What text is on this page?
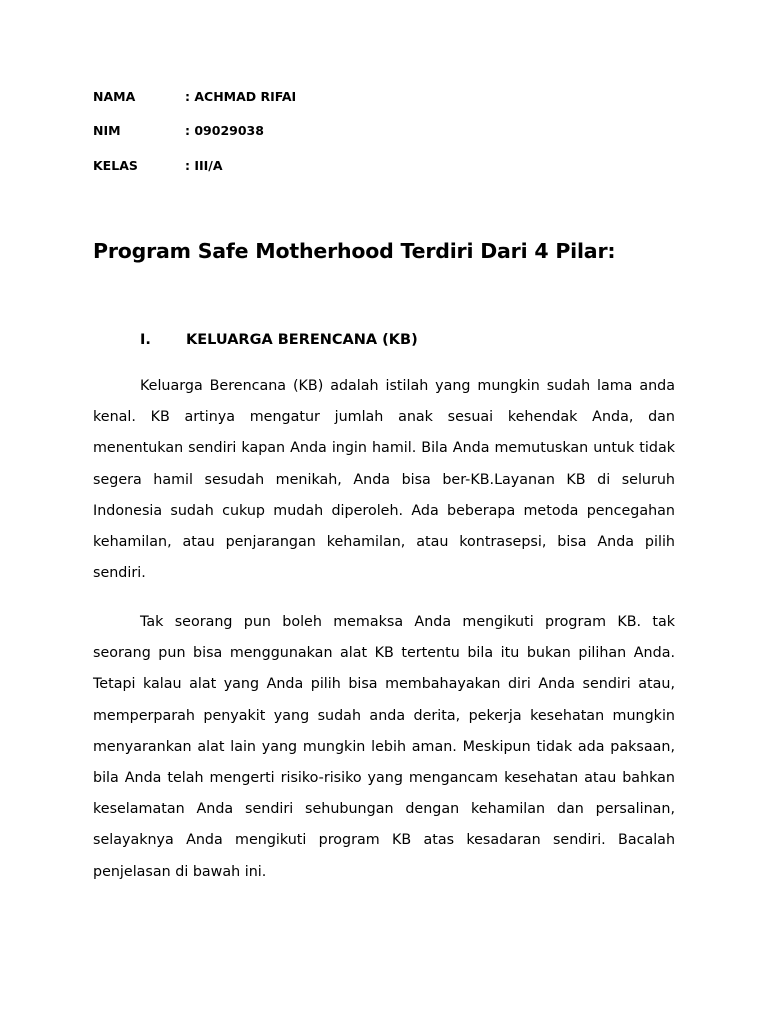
NAMA	: ACHMAD RIFAI
NIM	: 09029038
KELAS	: III/A
Program Safe Motherhood Terdiri Dari 4 Pilar:
I. KELUARGA BERENCANA (KB)

Keluarga Berencana (KB) adalah istilah yang mungkin sudah lama anda kenal. KB artinya mengatur jumlah anak sesuai kehendak Anda, dan menentukan sendiri kapan Anda ingin hamil. Bila Anda memutuskan untuk tidak segera hamil sesudah menikah, Anda bisa ber-KB.Layanan KB di seluruh Indonesia sudah cukup mudah diperoleh. Ada beberapa metoda pencegahan kehamilan, atau penjarangan kehamilan, atau kontrasepsi, bisa Anda pilih sendiri.

Tak seorang pun boleh memaksa Anda mengikuti program KB. tak seorang pun bisa menggunakan alat KB tertentu bila itu bukan pilihan Anda. Tetapi kalau alat yang Anda pilih bisa membahayakan diri Anda sendiri atau, memperparah penyakit yang sudah anda derita, pekerja kesehatan mungkin menyarankan alat lain yang mungkin lebih aman. Meskipun tidak ada paksaan, bila Anda telah mengerti risiko-risiko yang mengancam kesehatan atau bahkan keselamatan Anda sendiri sehubungan dengan kehamilan dan persalinan, selayaknya Anda mengikuti program KB atas kesadaran sendiri. Bacalah penjelasan di bawah ini.
